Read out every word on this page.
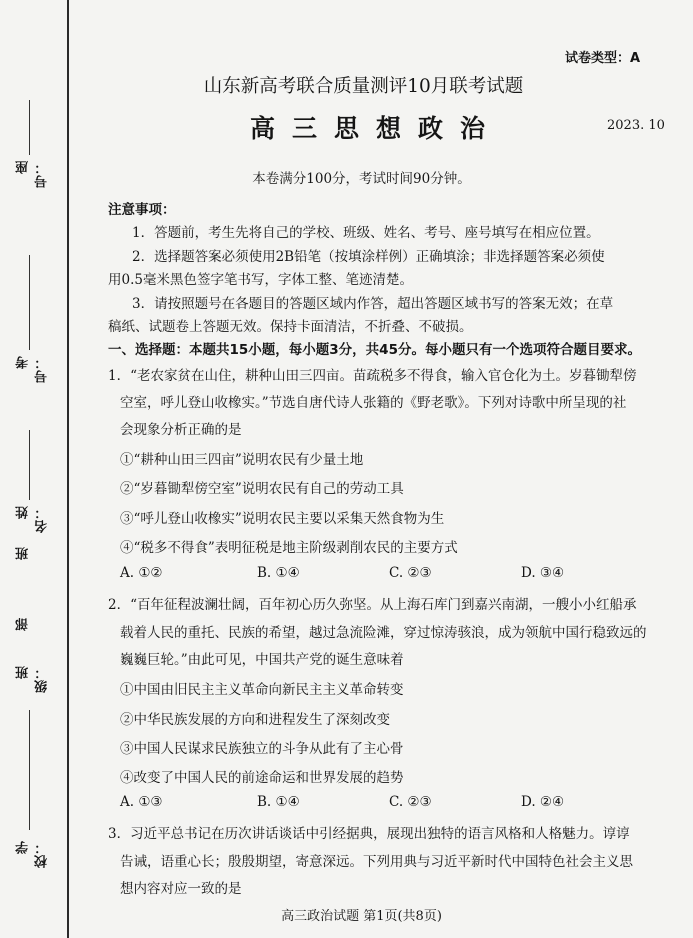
座号：
考号：
姓名：
班
部
班级：
学校：
试卷类型：A
山东新高考联合质量测评10月联考试题
高三思想政治	2023. 10
本卷满分100分，考试时间90分钟。
注意事项：
1．答题前，考生先将自己的学校、班级、姓名、考号、座号填写在相应位置。
2．选择题答案必须使用2B铅笔（按填涂样例）正确填涂；非选择题答案必须使
用0.5毫米黑色签字笔书写，字体工整、笔迹清楚。
3．请按照题号在各题目的答题区域内作答，超出答题区域书写的答案无效；在草
稿纸、试题卷上答题无效。保持卡面清洁，不折叠、不破损。
一、选择题：本题共15小题，每小题3分，共45分。每小题只有一个选项符合题目要求。
1．“老农家贫在山住，耕种山田三四亩。苗疏税多不得食，输入官仓化为土。岁暮锄犁傍
空室，呼儿登山收橡实。”节选自唐代诗人张籍的《野老歌》。下列对诗歌中所呈现的社
会现象分析正确的是
①“耕种山田三四亩”说明农民有少量土地
②“岁暮锄犁傍空室”说明农民有自己的劳动工具
③“呼儿登山收橡实”说明农民主要以采集天然食物为生
④“税多不得食”表明征税是地主阶级剥削农民的主要方式
A. ①②	B. ①④	C. ②③	D. ③④
2．“百年征程波澜壮阔，百年初心历久弥坚。从上海石库门到嘉兴南湖，一艘小小红船承
载着人民的重托、民族的希望，越过急流险滩，穿过惊涛骇浪，成为领航中国行稳致远的
巍巍巨轮。”由此可见，中国共产党的诞生意味着
①中国由旧民主主义革命向新民主主义革命转变
②中华民族发展的方向和进程发生了深刻改变
③中国人民谋求民族独立的斗争从此有了主心骨
④改变了中国人民的前途命运和世界发展的趋势
A. ①③	B. ①④	C. ②③	D. ②④
3．习近平总书记在历次讲话谈话中引经据典，展现出独特的语言风格和人格魅力。谆谆
告诫，语重心长；殷殷期望，寄意深远。下列用典与习近平新时代中国特色社会主义思
想内容对应一致的是
高三政治试题 第1页(共8页)
